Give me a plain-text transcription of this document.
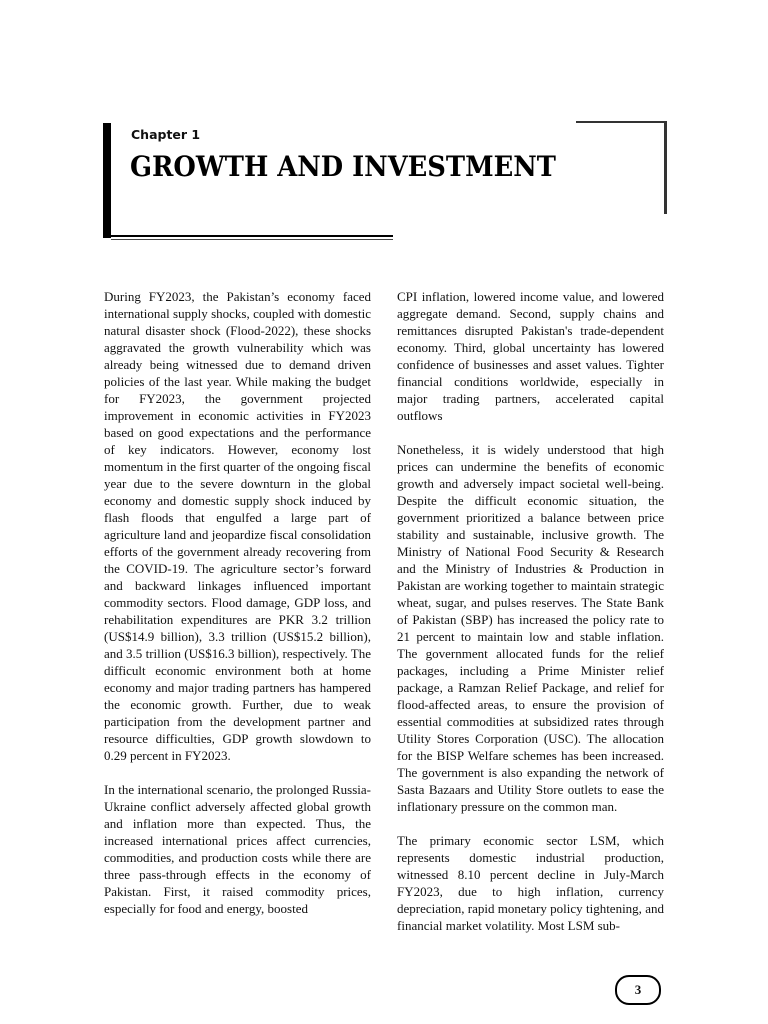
Chapter 1
GROWTH AND INVESTMENT

During FY2023, the Pakistan’s economy faced international supply shocks, coupled with domestic natural disaster shock (Flood-2022), these shocks aggravated the growth vulnerability which was already being witnessed due to demand driven policies of the last year. While making the budget for FY2023, the government projected improvement in economic activities in FY2023 based on good expectations and the performance of key indicators. However, economy lost momentum in the first quarter of the ongoing fiscal year due to the severe downturn in the global economy and domestic supply shock induced by flash floods that engulfed a large part of agriculture land and jeopardize fiscal consolidation efforts of the government already recovering from the COVID-19. The agriculture sector’s forward and backward linkages influenced important commodity sectors. Flood damage, GDP loss, and rehabilitation expenditures are PKR 3.2 trillion (US$14.9 billion), 3.3 trillion (US$15.2 billion), and 3.5 trillion (US$16.3 billion), respectively. The difficult economic environment both at home economy and major trading partners has hampered the economic growth. Further, due to weak participation from the development partner and resource difficulties, GDP growth slowdown to 0.29 percent in FY2023.

In the international scenario, the prolonged Russia-Ukraine conflict adversely affected global growth and inflation more than expected. Thus, the increased international prices affect currencies, commodities, and production costs while there are three pass-through effects in the economy of Pakistan. First, it raised commodity prices, especially for food and energy, boosted

CPI inflation, lowered income value, and lowered aggregate demand. Second, supply chains and remittances disrupted Pakistan's trade-dependent economy. Third, global uncertainty has lowered confidence of businesses and asset values. Tighter financial conditions worldwide, especially in major trading partners, accelerated capital outflows

Nonetheless, it is widely understood that high prices can undermine the benefits of economic growth and adversely impact societal well-being. Despite the difficult economic situation, the government prioritized a balance between price stability and sustainable, inclusive growth. The Ministry of National Food Security & Research and the Ministry of Industries & Production in Pakistan are working together to maintain strategic wheat, sugar, and pulses reserves. The State Bank of Pakistan (SBP) has increased the policy rate to 21 percent to maintain low and stable inflation. The government allocated funds for the relief packages, including a Prime Minister relief package, a Ramzan Relief Package, and relief for flood-affected areas, to ensure the provision of essential commodities at subsidized rates through Utility Stores Corporation (USC). The allocation for the BISP Welfare schemes has been increased. The government is also expanding the network of Sasta Bazaars and Utility Store outlets to ease the inflationary pressure on the common man.

The primary economic sector LSM, which represents domestic industrial production, witnessed 8.10 percent decline in July-March FY2023, due to high inflation, currency depreciation, rapid monetary policy tightening, and financial market volatility. Most LSM sub-

3
